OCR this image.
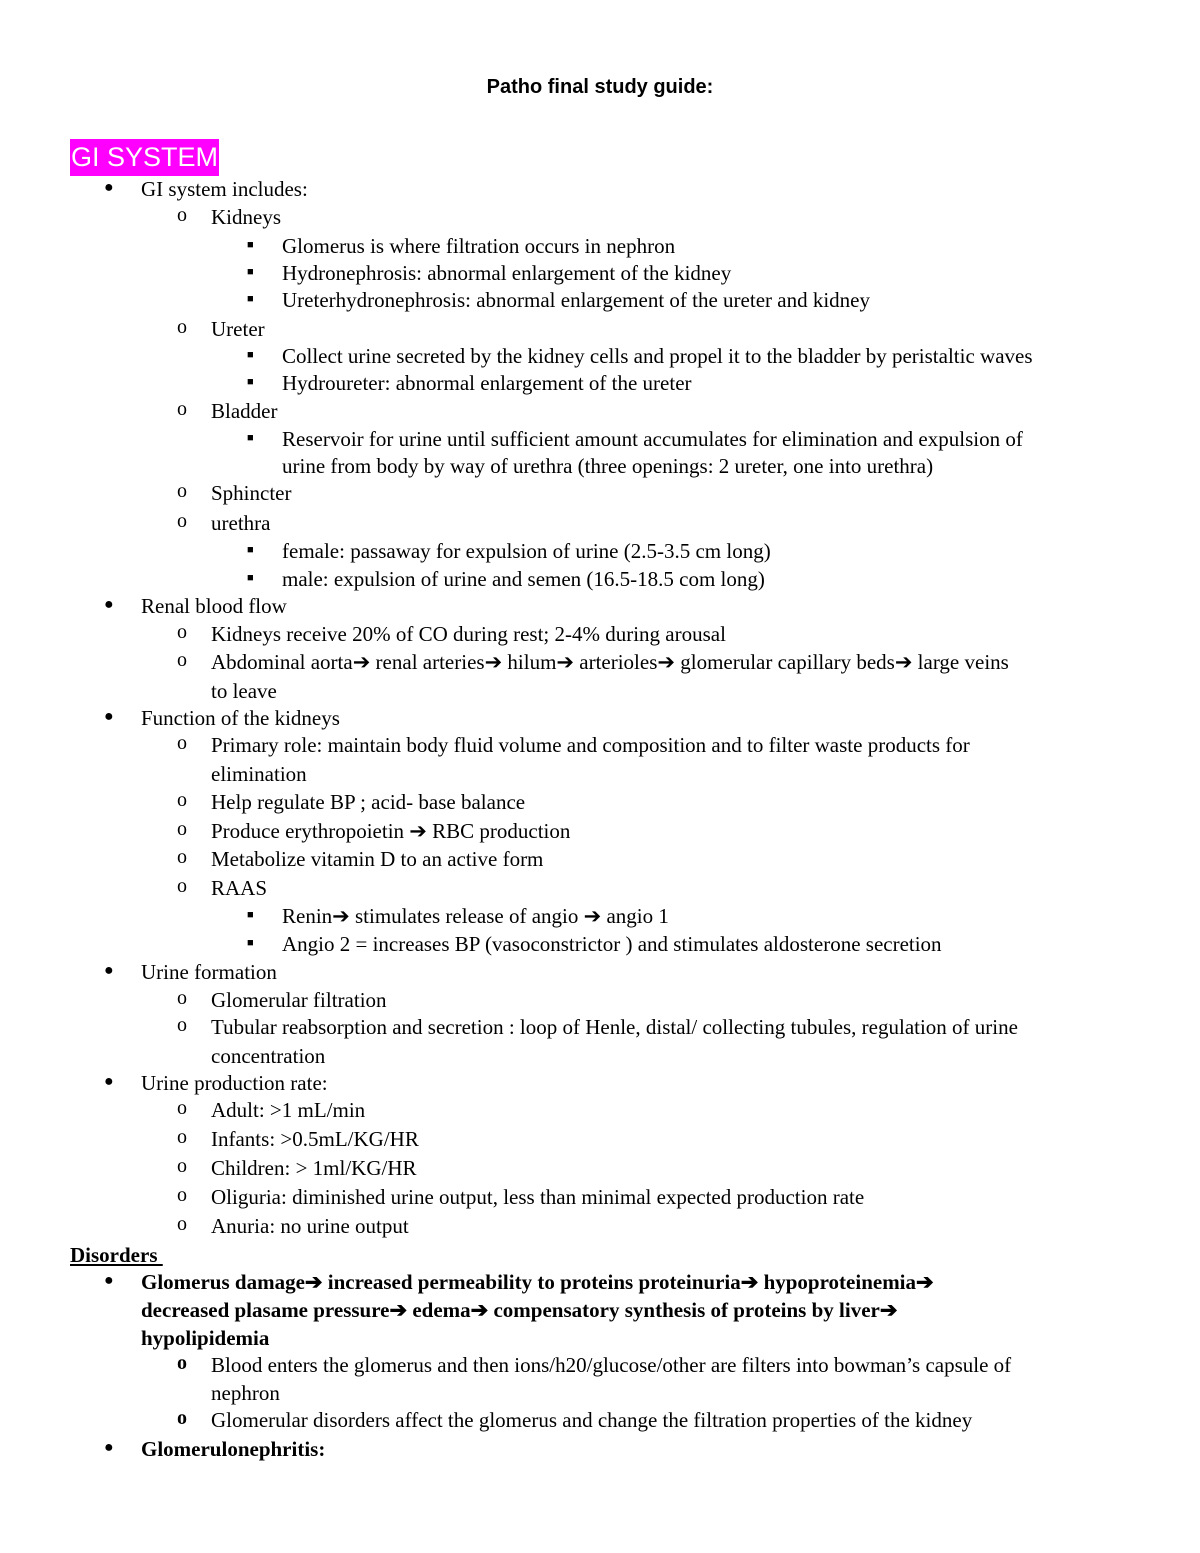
Patho final study guide:
GI SYSTEM
● GI system includes:
o Kidneys
■ Glomerus is where filtration occurs in nephron
■ Hydronephrosis: abnormal enlargement of the kidney
■ Ureterhydronephrosis: abnormal enlargement of the ureter and kidney
o Ureter
■ Collect urine secreted by the kidney cells and propel it to the bladder by peristaltic waves
■ Hydroureter: abnormal enlargement of the ureter
o Bladder
■ Reservoir for urine until sufficient amount accumulates for elimination and expulsion of
urine from body by way of urethra (three openings: 2 ureter, one into urethra)
o Sphincter
o urethra
■ female: passaway for expulsion of urine (2.5-3.5 cm long)
■ male: expulsion of urine and semen (16.5-18.5 com long)
● Renal blood flow
o Kidneys receive 20% of CO during rest; 2-4% during arousal
o Abdominal aorta➔ renal arteries➔ hilum➔ arterioles➔ glomerular capillary beds➔ large veins
to leave
● Function of the kidneys
o Primary role: maintain body fluid volume and composition and to filter waste products for
elimination
o Help regulate BP ; acid- base balance
o Produce erythropoietin ➔ RBC production
o Metabolize vitamin D to an active form
o RAAS
■ Renin➔ stimulates release of angio ➔ angio 1
■ Angio 2 = increases BP (vasoconstrictor ) and stimulates aldosterone secretion
● Urine formation
o Glomerular filtration
o Tubular reabsorption and secretion : loop of Henle, distal/ collecting tubules, regulation of urine
concentration
● Urine production rate:
o Adult: >1 mL/min
o Infants: >0.5mL/KG/HR
o Children: > 1ml/KG/HR
o Oliguria: diminished urine output, less than minimal expected production rate
o Anuria: no urine output
Disorders
● Glomerus damage➔ increased permeability to proteins proteinuria➔ hypoproteinemia➔
decreased plasame pressure➔ edema➔ compensatory synthesis of proteins by liver➔
hypolipidemia
o Blood enters the glomerus and then ions/h20/glucose/other are filters into bowman’s capsule of
nephron
o Glomerular disorders affect the glomerus and change the filtration properties of the kidney
● Glomerulonephritis:
